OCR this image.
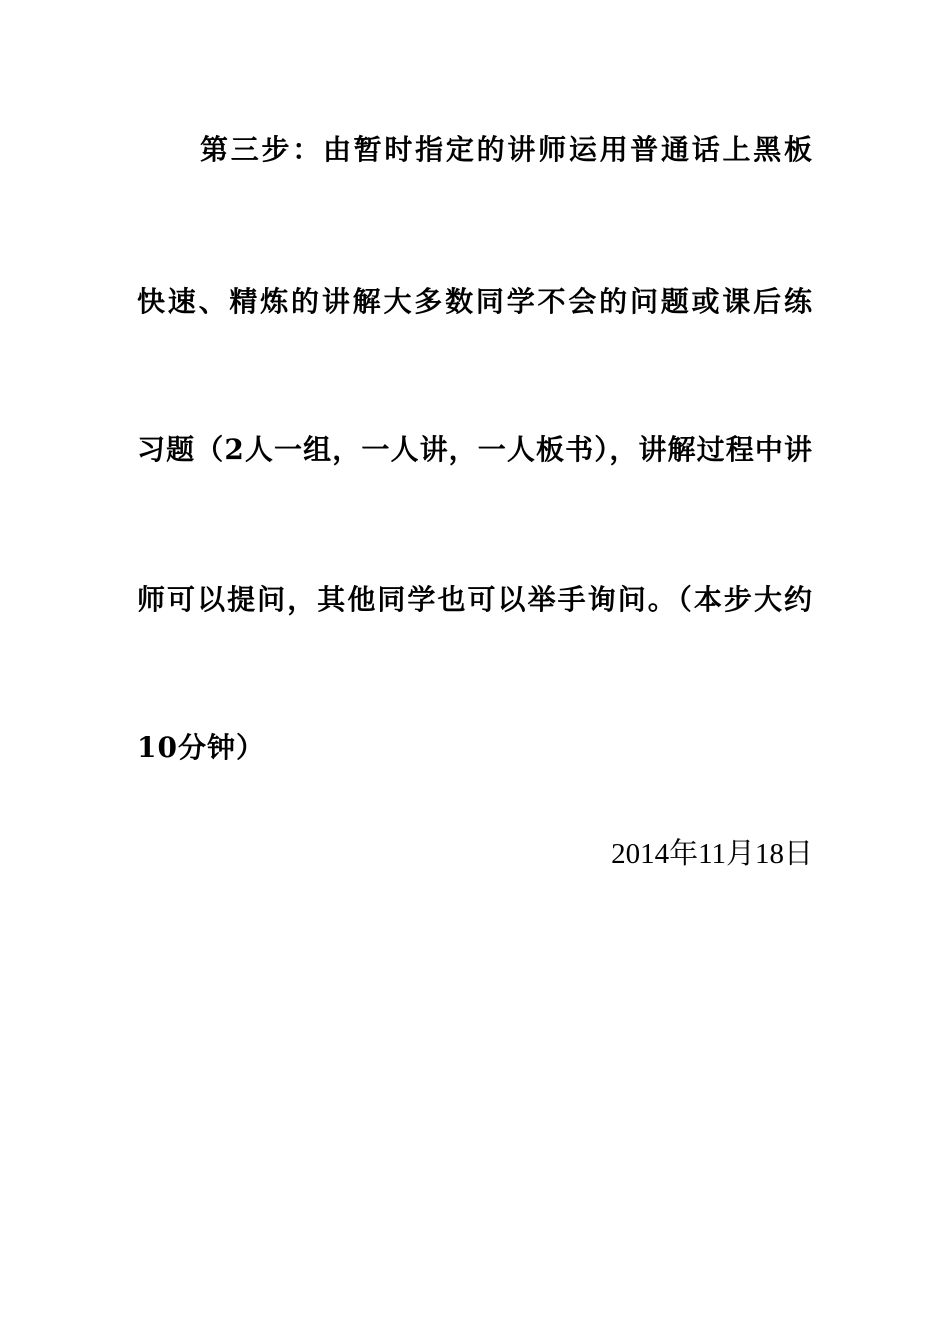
第三步：由暂时指定的讲师运用普通话上黑板
快速、精炼的讲解大多数同学不会的问题或课后练
习题（2人一组，一人讲，一人板书），讲解过程中讲
师可以提问，其他同学也可以举手询问。（本步大约
10分钟）
2014年11月18日
